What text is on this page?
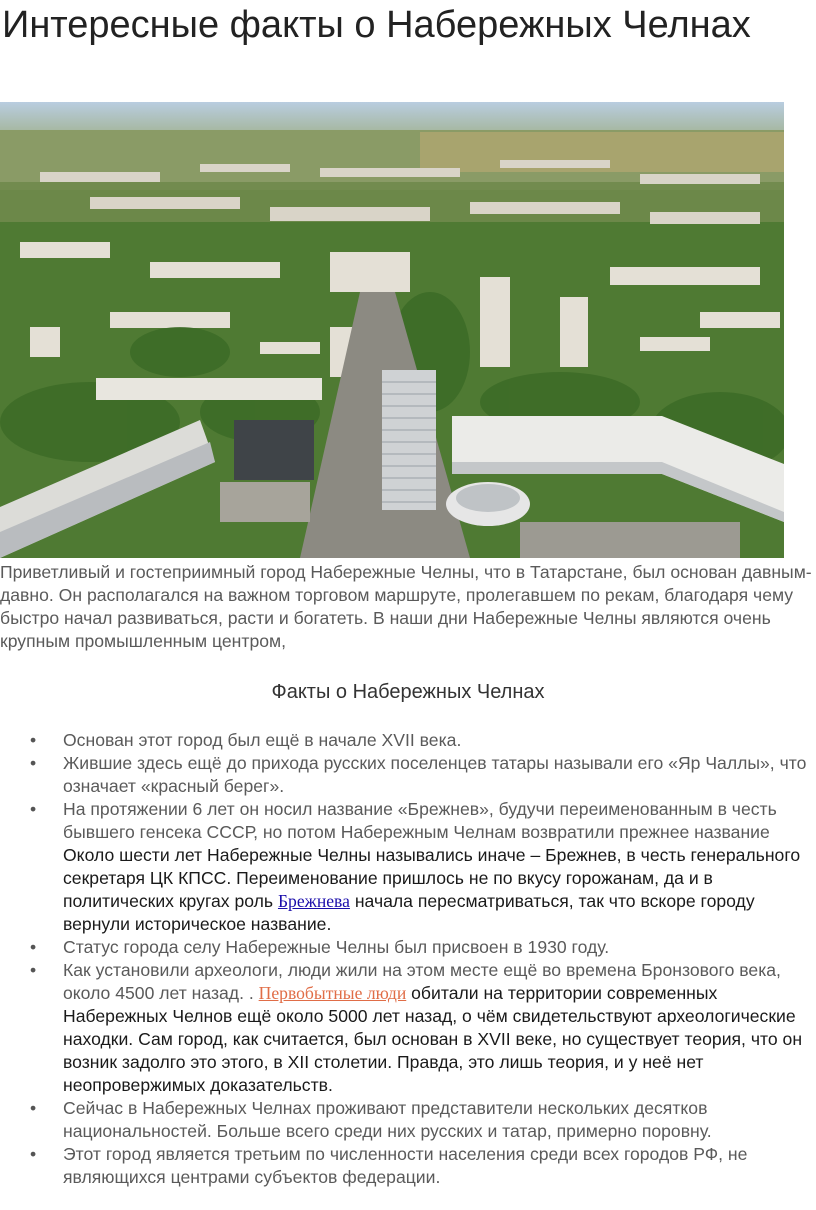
Интересные факты о Набережных Челнах

Приветливый и гостеприимный город Набережные Челны, что в Татарстане, был основан давным-давно. Он располагался на важном торговом маршруте, пролегавшем по рекам, благодаря чему быстро начал развиваться, расти и богатеть. В наши дни Набережные Челны являются очень крупным промышленным центром,

Факты о Набережных Челнах
• Основан этот город был ещё в начале XVII века.
• Жившие здесь ещё до прихода русских поселенцев татары называли его «Яр Чаллы», что означает «красный берег».
• На протяжении 6 лет он носил название «Брежнев», будучи переименованным в честь бывшего генсека СССР, но потом Набережным Челнам возвратили прежнее название Около шести лет Набережные Челны назывались иначе – Брежнев, в честь генерального секретаря ЦК КПСС. Переименование пришлось не по вкусу горожанам, да и в политических кругах роль Брежнева начала пересматриваться, так что вскоре городу вернули историческое название.
• Статус города селу Набережные Челны был присвоен в 1930 году.
• Как установили археологи, люди жили на этом месте ещё во времена Бронзового века, около 4500 лет назад. . Первобытные люди обитали на территории современных Набережных Челнов ещё около 5000 лет назад, о чём свидетельствуют археологические находки. Сам город, как считается, был основан в XVII веке, но существует теория, что он возник задолго это этого, в XII столетии. Правда, это лишь теория, и у неё нет неопровержимых доказательств.
• Сейчас в Набережных Челнах проживают представители нескольких десятков национальностей. Больше всего среди них русских и татар, примерно поровну.
• Этот город является третьим по численности населения среди всех городов РФ, не являющихся центрами субъектов федерации.
